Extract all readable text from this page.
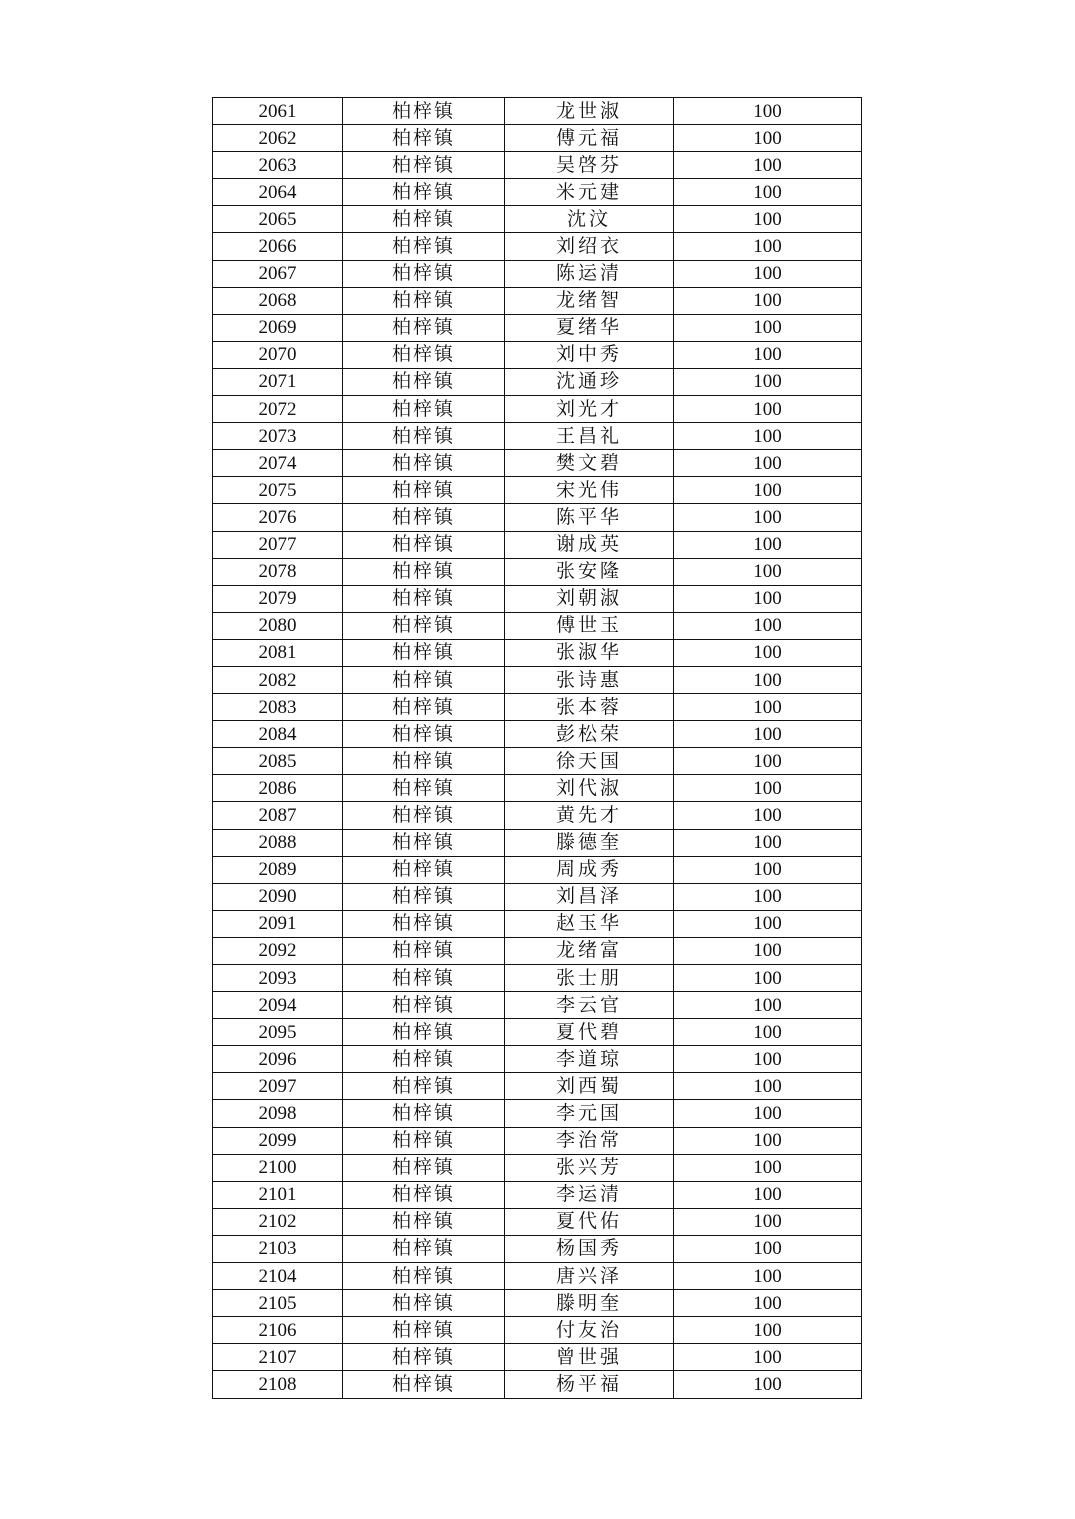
2061	柏梓镇	龙世淑	100
2062	柏梓镇	傅元福	100
2063	柏梓镇	吴啓芬	100
2064	柏梓镇	米元建	100
2065	柏梓镇	沈汶	100
2066	柏梓镇	刘绍衣	100
2067	柏梓镇	陈运清	100
2068	柏梓镇	龙绪智	100
2069	柏梓镇	夏绪华	100
2070	柏梓镇	刘中秀	100
2071	柏梓镇	沈通珍	100
2072	柏梓镇	刘光才	100
2073	柏梓镇	王昌礼	100
2074	柏梓镇	樊文碧	100
2075	柏梓镇	宋光伟	100
2076	柏梓镇	陈平华	100
2077	柏梓镇	谢成英	100
2078	柏梓镇	张安隆	100
2079	柏梓镇	刘朝淑	100
2080	柏梓镇	傅世玉	100
2081	柏梓镇	张淑华	100
2082	柏梓镇	张诗惠	100
2083	柏梓镇	张本蓉	100
2084	柏梓镇	彭松荣	100
2085	柏梓镇	徐天国	100
2086	柏梓镇	刘代淑	100
2087	柏梓镇	黄先才	100
2088	柏梓镇	滕德奎	100
2089	柏梓镇	周成秀	100
2090	柏梓镇	刘昌泽	100
2091	柏梓镇	赵玉华	100
2092	柏梓镇	龙绪富	100
2093	柏梓镇	张士朋	100
2094	柏梓镇	李云官	100
2095	柏梓镇	夏代碧	100
2096	柏梓镇	李道琼	100
2097	柏梓镇	刘西蜀	100
2098	柏梓镇	李元国	100
2099	柏梓镇	李治常	100
2100	柏梓镇	张兴芳	100
2101	柏梓镇	李运清	100
2102	柏梓镇	夏代佑	100
2103	柏梓镇	杨国秀	100
2104	柏梓镇	唐兴泽	100
2105	柏梓镇	滕明奎	100
2106	柏梓镇	付友治	100
2107	柏梓镇	曾世强	100
2108	柏梓镇	杨平福	100
